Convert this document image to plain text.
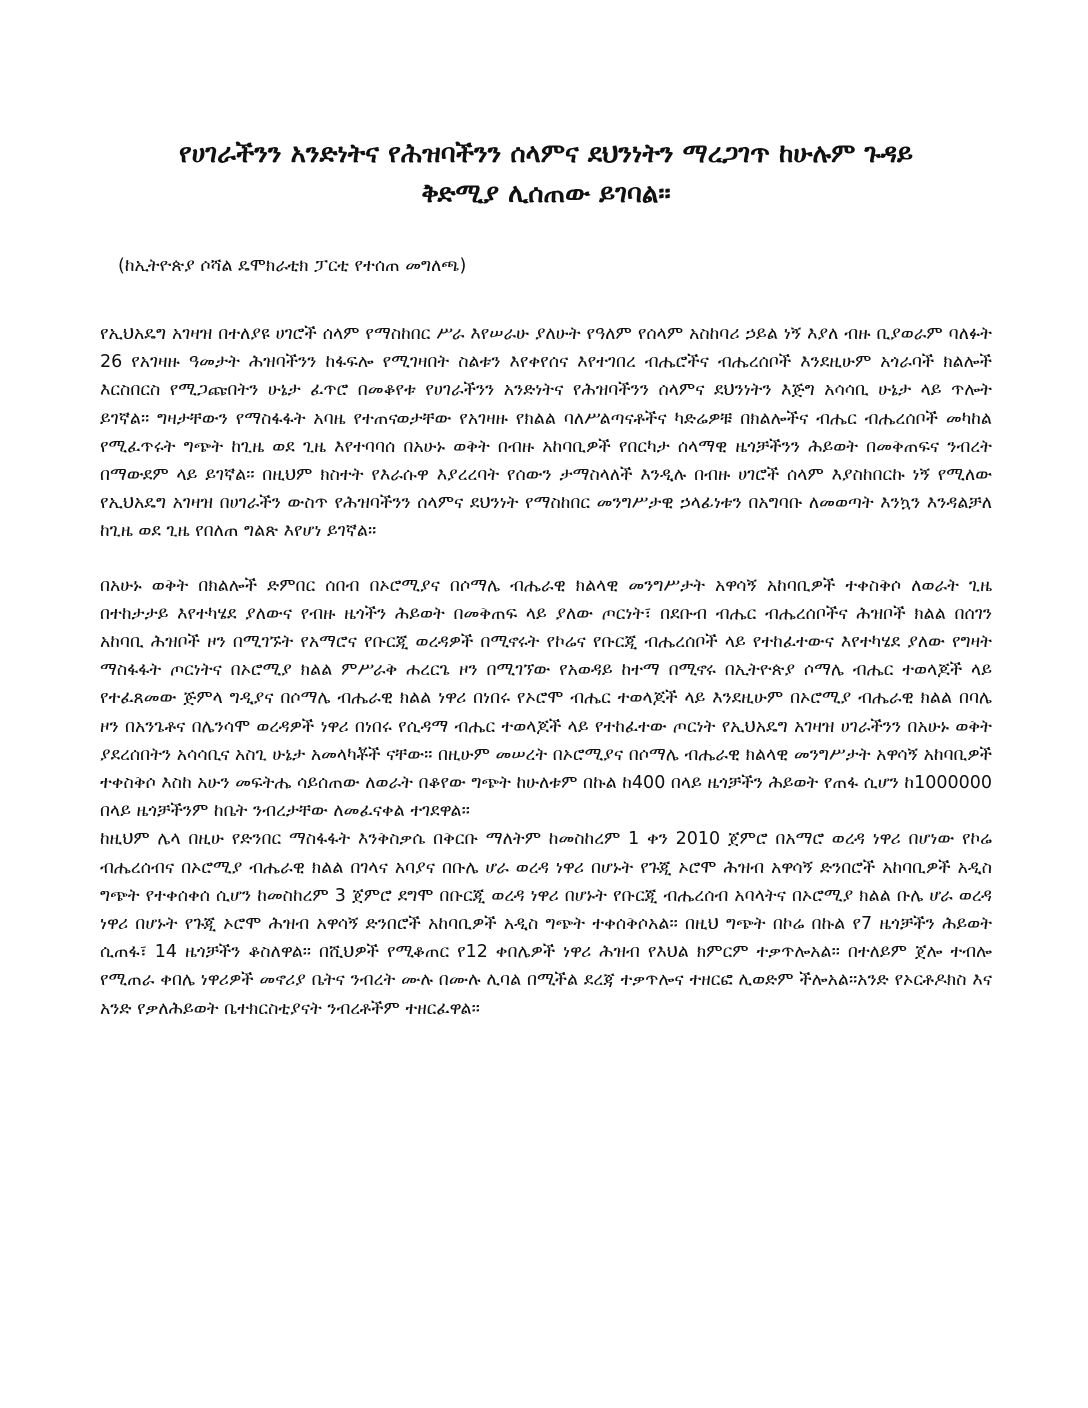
የሀገራችንን አንድነትና የሕዝባችንን ሰላምና ደህንነትን ማረጋገጥ ከሁሉም ጉዳይ
ቅድሚያ ሊሰጠው ይገባል፡፡

(ከኢትዮጵያ ሶሻል ዴሞክራቲክ ፓርቲ የተሰጠ መግለጫ)

የኢህአዴግ አገዛዝ በተለያዩ ሀገሮች ሰላም የማስከበር ሥራ እየሠራሁ ያለሁት የዓለም የሰላም አስከባሪ ኃይል ነኝ እያለ ብዙ ቢያወራም ባለፉት 26 የአገዛዙ ዓመታት ሕዝባችንን ከፋፍሎ የሚገዛበት ስልቱን እየቀየሰና እየተገበረ ብሔሮችና ብሔረሰቦች እንደዚሁም አጎራባች ክልሎች እርስበርስ የሚጋጩበትን ሁኔታ ፈጥሮ በመቆየቱ የሀገራችንን አንድነትና የሕዝባችንን ሰላምና ደህንነትን እጅግ አሳሳቢ ሁኔታ ላይ ጥሎት ይገኛል፡፡ ግዛታቸውን የማስፋፋት አባዜ የተጠናወታቸው የአገዛዙ የክልል ባለሥልጣናቶችና ካድሬዎቹ በክልሎችና ብሔር ብሔረሰቦች መካከል የሚፈጥሩት ግጭት ከጊዜ ወደ ጊዜ እየተባባሰ በአሁኑ ወቅት በብዙ አከባቢዎች የበርካታ ሰላማዊ ዜጎቻችንን ሕይወት በመቅጠፍና ንብረት በማውደም ላይ ይገኛል፡፡ በዚህም ክስተት የእራሱዋ እያረረባት የሰውን ታማስላለች እንዲሉ በብዙ ሀገሮች ሰላም እያስከበርኩ ነኝ የሚለው የኢህአዴግ አገዛዝ በሀገራችን ውስጥ የሕዝባችንን ሰላምና ደህንነት የማስከበር መንግሥታዊ ኃላፊነቱን በአግባቡ ለመወጣት እንኳን እንዳልቻለ ከጊዜ ወደ ጊዜ የበለጠ ግልጽ እየሆነ ይገኛል፡፡

በአሁኑ ወቅት በክልሎች ድምበር ሰበብ በኦሮሚያና በሶማሌ ብሔራዊ ክልላዊ መንግሥታት አዋሳኝ አከባቢዎች ተቀስቅሶ ለወራት ጊዜ በተከታታይ እየተካሄደ ያለውና የብዙ ዜጎችን ሕይወት በመቅጠፍ ላይ ያለው ጦርነት፣ በደቡብ ብሔር ብሔረሰቦችና ሕዝቦች ክልል በሰገን አከባቢ ሕዝቦች ዞን በሚገኙት የአማሮና የቡርጂ ወረዳዎች በሚኖሩት የኮሬና የቡርጂ ብሔረሰቦች ላይ የተከፈተውና እየተካሄደ ያለው የግዛት ማስፋፋት ጦርነትና በኦሮሚያ ክልል ምሥራቅ ሐረርጌ ዞን በሚገኘው የአወዳይ ከተማ በሚኖሩ በኢትዮጵያ ሶማሌ ብሔር ተወላጆች ላይ የተፈጸመው ጅምላ ግዲያና በሶማሌ ብሔራዊ ክልል ነዋሪ በነበሩ የኦሮሞ ብሔር ተወላጆች ላይ እንደዚሁም በኦሮሚያ ብሔራዊ ክልል በባሌ ዞን በአንጌቶና በሌንሳሞ ወረዳዎች ነዋሪ በነበሩ የሲዳማ ብሔር ተወላጆች ላይ የተከፈተው ጦርነት የኢህአዴግ አገዛዝ ሀገራችንን በአሁኑ ወቅት ያደረሰበትን አሳሳቢና አስጊ ሁኔታ አመላካቾች ናቸው፡፡ በዚሁም መሠረት በኦሮሚያና በሶማሌ ብሔራዊ ክልላዊ መንግሥታት አዋሳኝ አከባቢዎች ተቀስቅሶ እስከ አሁን መፍትሔ ሳይሰጠው ለወራት በቆየው ግጭት ከሁለቱም በኩል ከ400 በላይ ዜጎቻችን ሕይወት የጠፋ ሲሆን ከ1000000 በላይ ዜጎቻችንም ከቤት ንብረታቸው ለመፈናቀል ተገደዋል፡፡

ከዚህም ሌላ በዚሁ የድንበር ማስፋፋት እንቅስቃሴ በቅርቡ ማለትም ከመስከረም 1 ቀን 2010 ጀምሮ በአማሮ ወረዳ ነዋሪ በሆነው የኮሬ ብሔረሰብና በኦሮሚያ ብሔራዊ ክልል በገላና አባያና በቡሌ ሆራ ወረዳ ነዋሪ በሆኑት የጉጂ ኦሮሞ ሕዝብ አዋሳኝ ድንበሮች አከባቢዎች አዲስ ግጭት የተቀሰቀሰ ሲሆን ከመስከረም 3 ጀምሮ ደግሞ በቡርጂ ወረዳ ነዋሪ በሆኑት የቡርጂ ብሔረሰብ አባላትና በኦሮሚያ ክልል ቡሌ ሆራ ወረዳ ነዋሪ በሆኑት የጉጂ ኦሮሞ ሕዝብ አዋሳኝ ድንበሮች አከባቢዎች አዲስ ግጭት ተቀሰቅሶአል፡፡ በዚህ ግጭት በኮሬ በኩል የ7 ዜጎቻችን ሕይወት ሲጠፋ፣ 14 ዜጎቻችን ቆስለዋል፡፡ በሺህዎች የሚቆጠር የ12 ቀበሌዎች ነዋሪ ሕዝብ የእህል ክምርም ተቃጥሎአል፡፡ በተለይም ጀሎ ተብሎ የሚጠራ ቀበሌ ነዋሪዎች መኖሪያ ቤትና ንብረት ሙሉ በሙሉ ሊባል በሚችል ደረጃ ተቃጥሎና ተዘርፎ ሊወድም ችሎአል፡፡አንድ የኦርቶዶክስ እና አንድ የቃለሕይወት ቤተክርስቲያናት ንብረቶችም ተዘርፈዋል፡፡
